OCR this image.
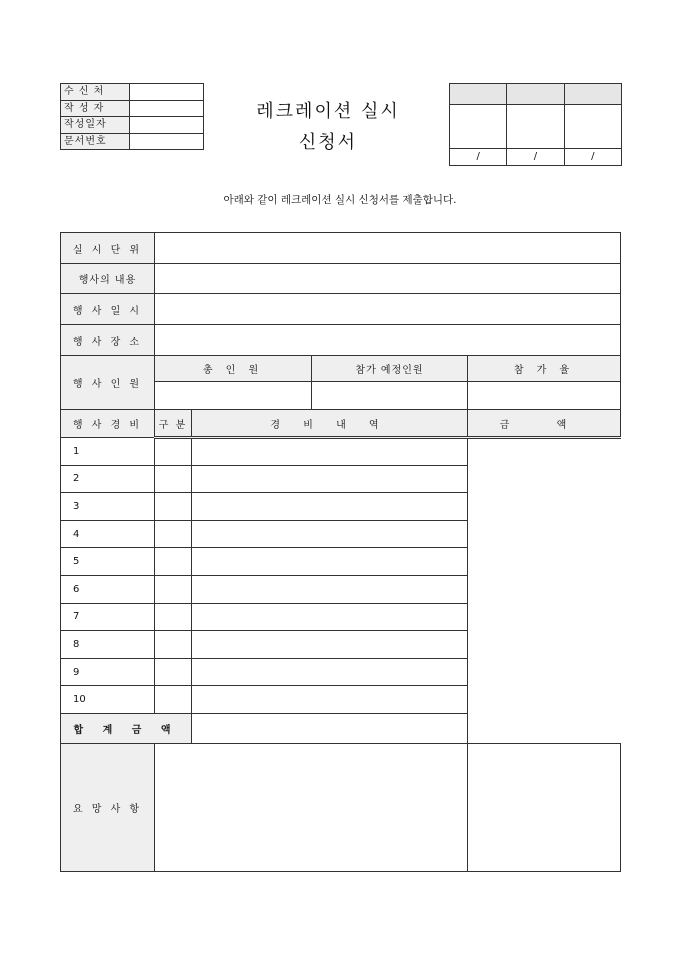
수 신 처	
작 성 자	
작성일자	
문서번호	
레크레이션 실시
신청서

/	/	/
아래와 같이 레크레이션 실시 신청서를 제출합니다.
실 시 단 위			
행사의 내용			
행 사 일 시			
행 사 장 소			
행 사 인 원	총 인 원	참가 예정인원	참 가 율

행 사 경 비	구 분	경 비 내 역	금 액
1			
2			
3			
4			
5			
6			
7			
8			
9			
10			
합 계 금 액			
요 망 사 항			
